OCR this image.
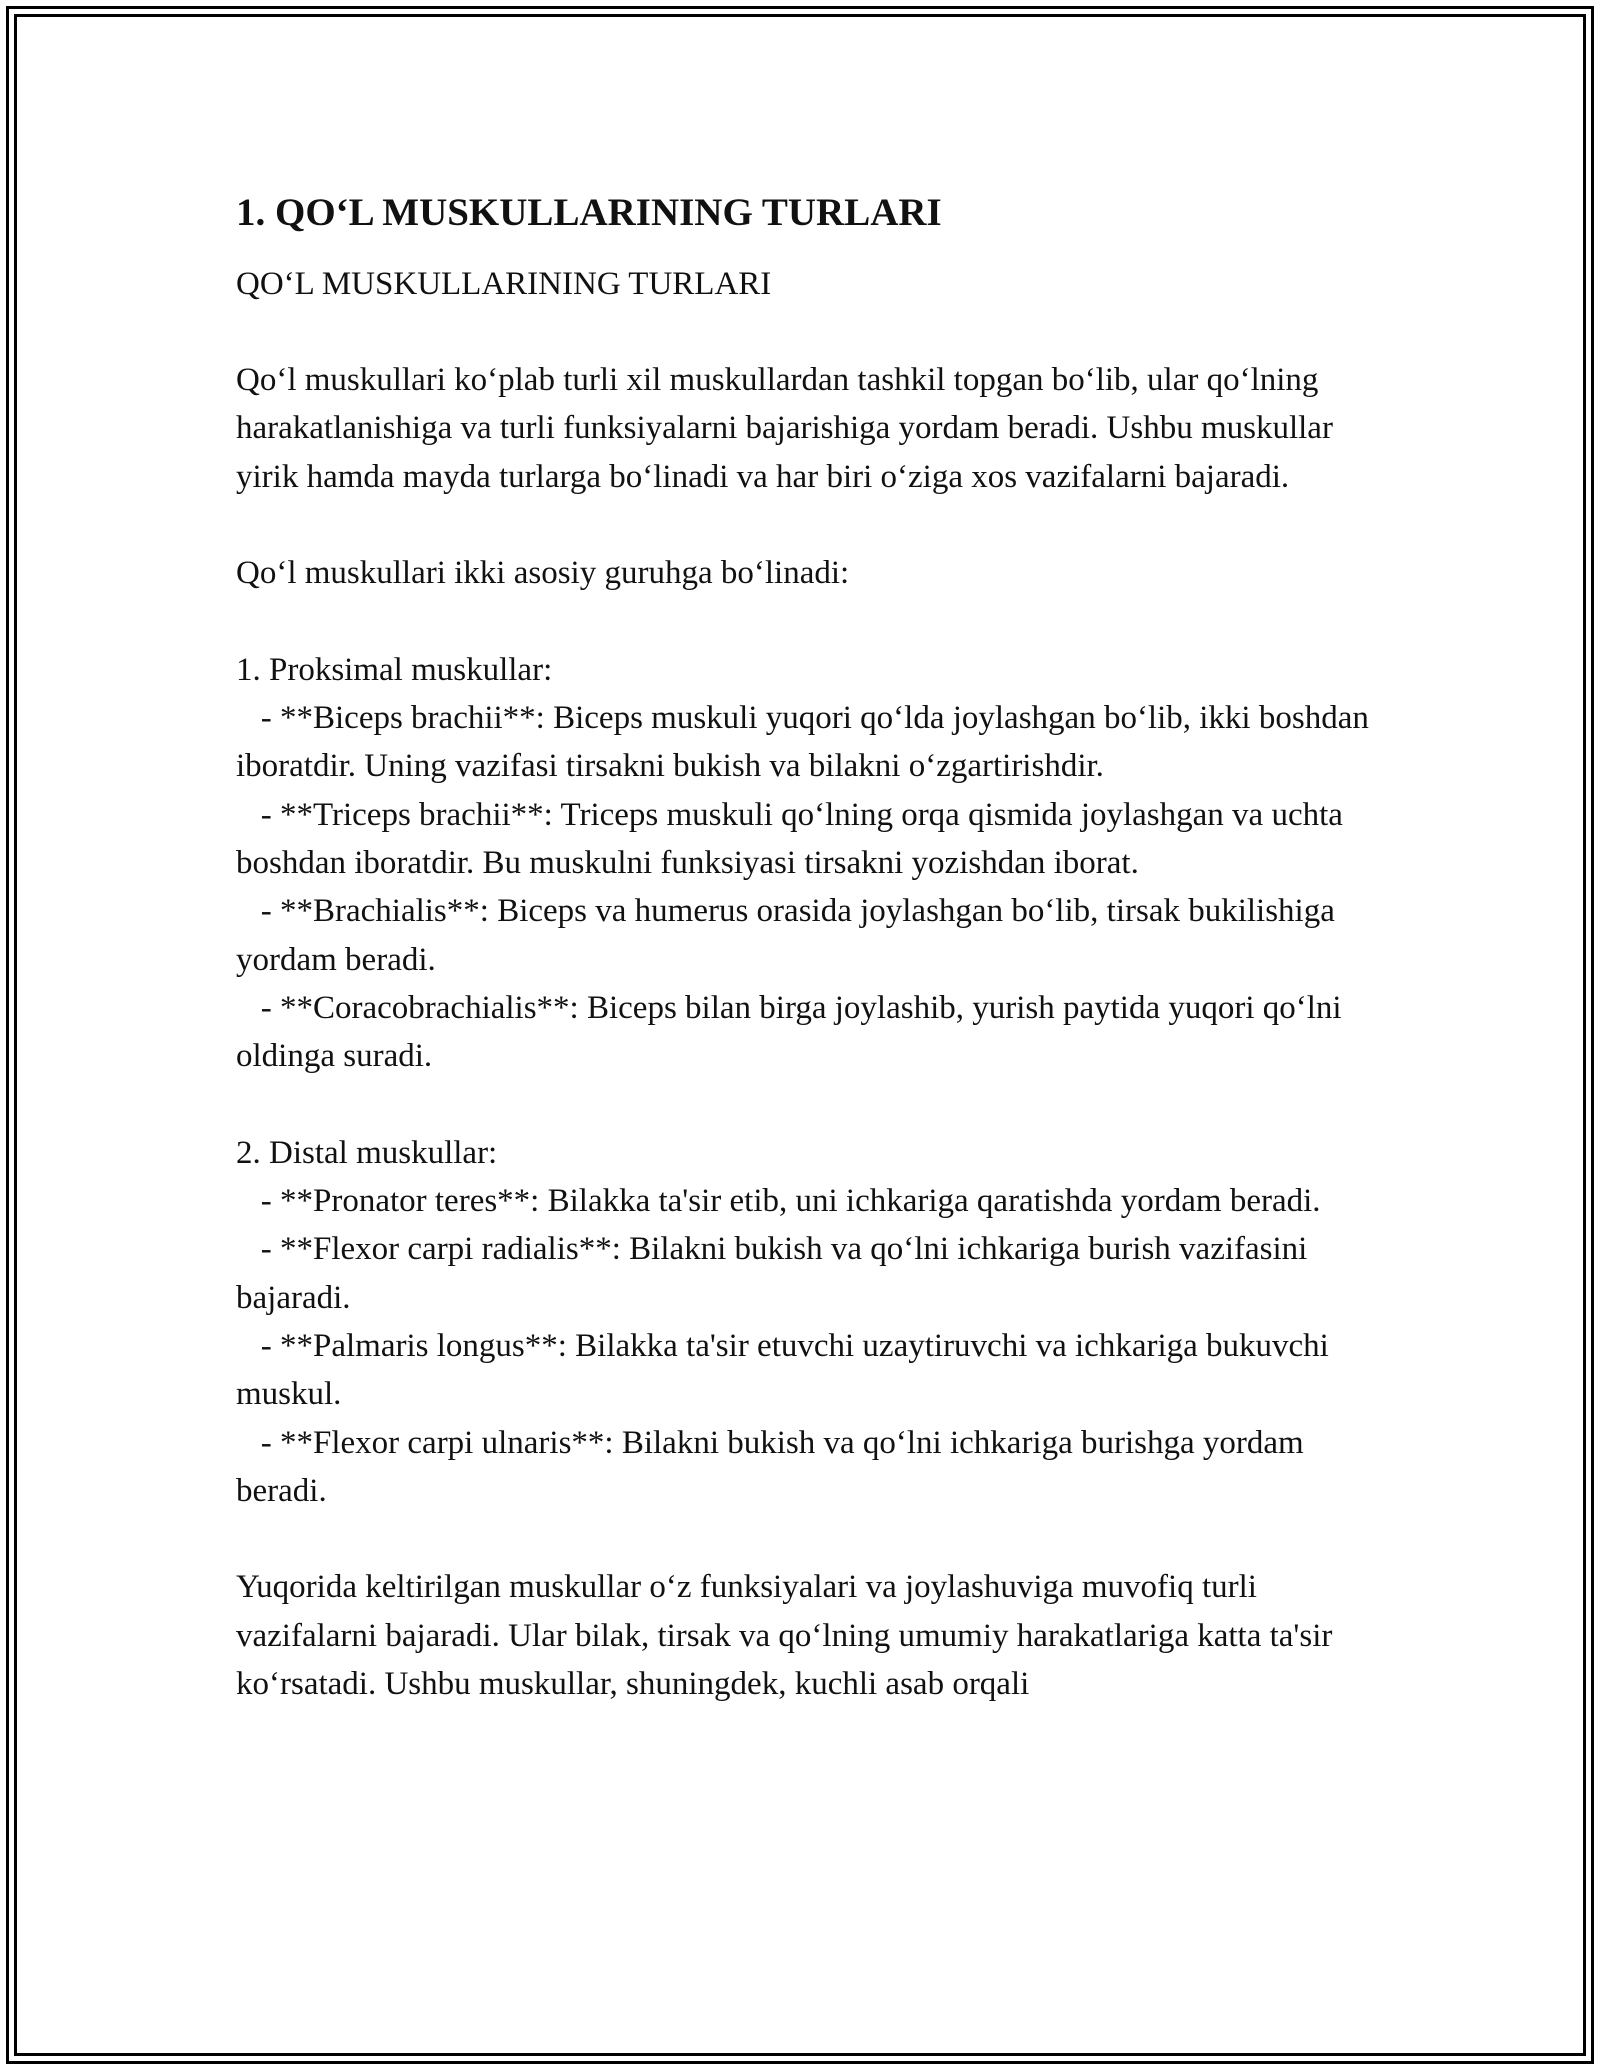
1. QO‘L MUSKULLARINING TURLARI
QO‘L MUSKULLARINING TURLARI
Qo‘l muskullari ko‘plab turli xil muskullardan tashkil topgan bo‘lib, ular qo‘lning harakatlanishiga va turli funksiyalarni bajarishiga yordam beradi. Ushbu muskullar yirik hamda mayda turlarga bo‘linadi va har biri o‘ziga xos vazifalarni bajaradi.
Qo‘l muskullari ikki asosiy guruhga bo‘linadi:
1. Proksimal muskullar:
- **Biceps brachii**: Biceps muskuli yuqori qo‘lda joylashgan bo‘lib, ikki boshdan iboratdir. Uning vazifasi tirsakni bukish va bilakni o‘zgartirishdir.
- **Triceps brachii**: Triceps muskuli qo‘lning orqa qismida joylashgan va uchta boshdan iboratdir. Bu muskulni funksiyasi tirsakni yozishdan iborat.
- **Brachialis**: Biceps va humerus orasida joylashgan bo‘lib, tirsak bukilishiga yordam beradi.
- **Coracobrachialis**: Biceps bilan birga joylashib, yurish paytida yuqori qo‘lni oldinga suradi.
2. Distal muskullar:
- **Pronator teres**: Bilakka ta'sir etib, uni ichkariga qaratishda yordam beradi.
- **Flexor carpi radialis**: Bilakni bukish va qo‘lni ichkariga burish vazifasini bajaradi.
- **Palmaris longus**: Bilakka ta'sir etuvchi uzaytiruvchi va ichkariga bukuvchi muskul.
- **Flexor carpi ulnaris**: Bilakni bukish va qo‘lni ichkariga burishga yordam beradi.
Yuqorida keltirilgan muskullar o‘z funksiyalari va joylashuviga muvofiq turli vazifalarni bajaradi. Ular bilak, tirsak va qo‘lning umumiy harakatlariga katta ta'sir ko‘rsatadi. Ushbu muskullar, shuningdek, kuchli asab orqali
